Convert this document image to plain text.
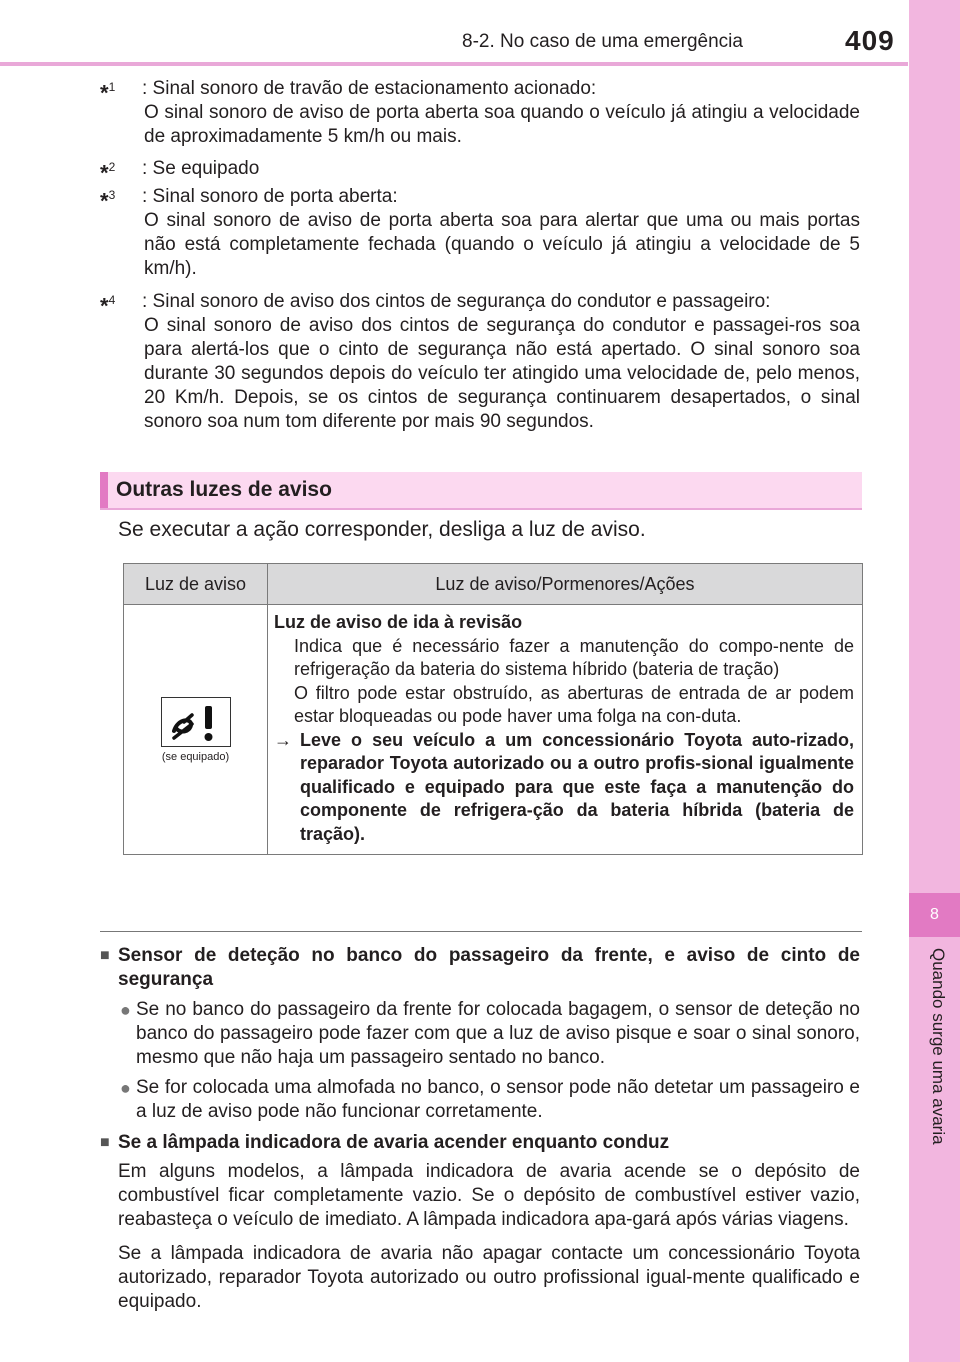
8-2. No caso de uma emergência	409
8
Quando surge uma avaria
*$^1$	: Sinal sonoro de travão de estacionamento acionado:
O sinal sonoro de aviso de porta aberta soa quando o veículo já atingiu a velocidade de aproximadamente 5 km/h ou mais.
*$^2$	: Se equipado
*$^3$	: Sinal sonoro de porta aberta:
O sinal sonoro de aviso de porta aberta soa para alertar que uma ou mais portas não está completamente fechada (quando o veículo já atingiu a velocidade de 5 km/h).
*$^4$	: Sinal sonoro de aviso dos cintos de segurança do condutor e passageiro:
O sinal sonoro de aviso dos cintos de segurança do condutor e passagei-ros soa para alertá-los que o cinto de segurança não está apertado. O sinal sonoro soa durante 30 segundos depois do veículo ter atingido uma velocidade de, pelo menos, 20 Km/h. Depois, se os cintos de segurança continuarem desapertados, o sinal sonoro soa num tom diferente por mais 90 segundos.
Outras luzes de aviso
Se executar a ação corresponder, desliga a luz de aviso.
Luz de aviso	Luz de aviso/Pormenores/Ações

(se equipado)	Luz de aviso de ida à revisão
Indica que é necessário fazer a manutenção do compo-nente de refrigeração da bateria do sistema híbrido (bateria de tração)
O filtro pode estar obstruído, as aberturas de entrada de ar podem estar bloqueadas ou pode haver uma folga na con-duta.
→ Leve o seu veículo a um concessionário Toyota auto-rizado, reparador Toyota autorizado ou a outro profis-sional igualmente qualificado e equipado para que este faça a manutenção do componente de refrigera-ção da bateria híbrida (bateria de tração).
■ Sensor de deteção no banco do passageiro da frente, e aviso de cinto de segurança
● Se no banco do passageiro da frente for colocada bagagem, o sensor de deteção no banco do passageiro pode fazer com que a luz de aviso pisque e soar o sinal sonoro, mesmo que não haja um passageiro sentado no banco.
● Se for colocada uma almofada no banco, o sensor pode não detetar um passageiro e a luz de aviso pode não funcionar corretamente.
■ Se a lâmpada indicadora de avaria acender enquanto conduz
Em alguns modelos, a lâmpada indicadora de avaria acende se o depósito de combustível ficar completamente vazio. Se o depósito de combustível estiver vazio, reabasteça o veículo de imediato. A lâmpada indicadora apa-gará após várias viagens.
Se a lâmpada indicadora de avaria não apagar contacte um concessionário Toyota autorizado, reparador Toyota autorizado ou outro profissional igual-mente qualificado e equipado.
